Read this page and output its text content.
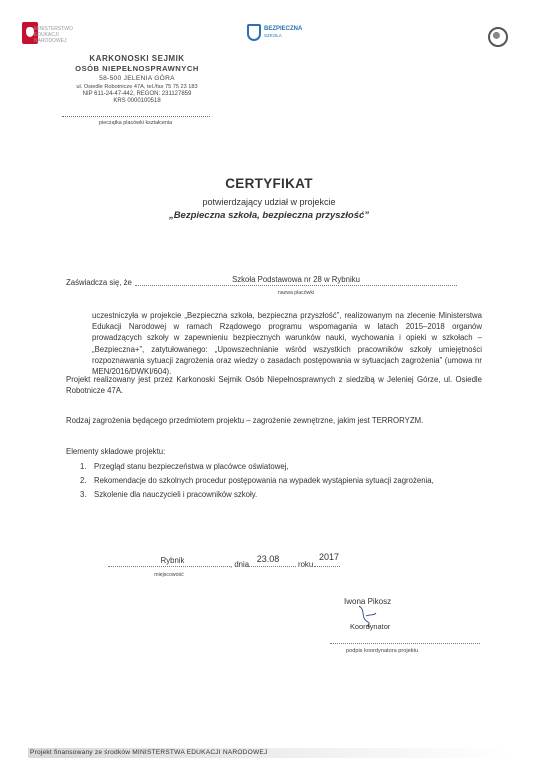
MINISTERSTWO
EDUKACJI
NARODOWEJ
BEZPIECZNA
SZKOŁA
KARKONOSKI SEJMIK
OSÓB NIEPEŁNOSPRAWNYCH
58-500 JELENIA GÓRA
ul. Osiedle Robotnicze 47A, tel./fax 75 75 23 183
NIP 611-24-47-442, REGON: 231127859
KRS 0000100518
pieczątka placówki kształcenia
CERTYFIKAT
potwierdzający udział w projekcie
„Bezpieczna szkoła, bezpieczna przyszłość”
Zaświadcza się, że	Szkoła Podstawowa nr 28 w Rybniku
nazwa placówki
uczestniczyła w projekcie „Bezpieczna szkoła, bezpieczna przyszłość”, realizowanym na zlecenie Ministerstwa Edukacji Narodowej w ramach Rządowego programu wspomagania w latach 2015–2018 organów prowadzących szkoły w zapewnieniu bezpiecznych warunków nauki, wychowania i opieki w szkołach – „Bezpieczna+”, zatytułowanego: „Upowszechnianie wśród wszystkich pracowników szkoły umiejętności rozpoznawania sytuacji zagrożenia oraz wiedzy o zasadach postępowania w sytuacjach zagrożenia” (umowa nr MEN/2016/DWKI/604).
Projekt realizowany jest przez Karkonoski Sejmik Osób Niepełnosprawnych z siedzibą w Jeleniej Górze, ul. Osiedle Robotnicze 47A.
Rodzaj zagrożenia będącego przedmiotem projektu – zagrożenie zewnętrzne, jakim jest TERRORYZM.
Elementy składowe projektu:
1. Przegląd stanu bezpieczeństwa w placówce oświatowej,
2. Rekomendacje do szkolnych procedur postępowania na wypadek wystąpienia sytuacji zagrożenia,
3. Szkolenie dla nauczycieli i pracowników szkoły.
Rybnik
miejscowość
, dnia
23.08
roku
2017
Iwona Pikosz
Koordynator
podpis koordynatora projektu
Projekt finansowany ze środków MINISTERSTWA EDUKACJI NARODOWEJ
